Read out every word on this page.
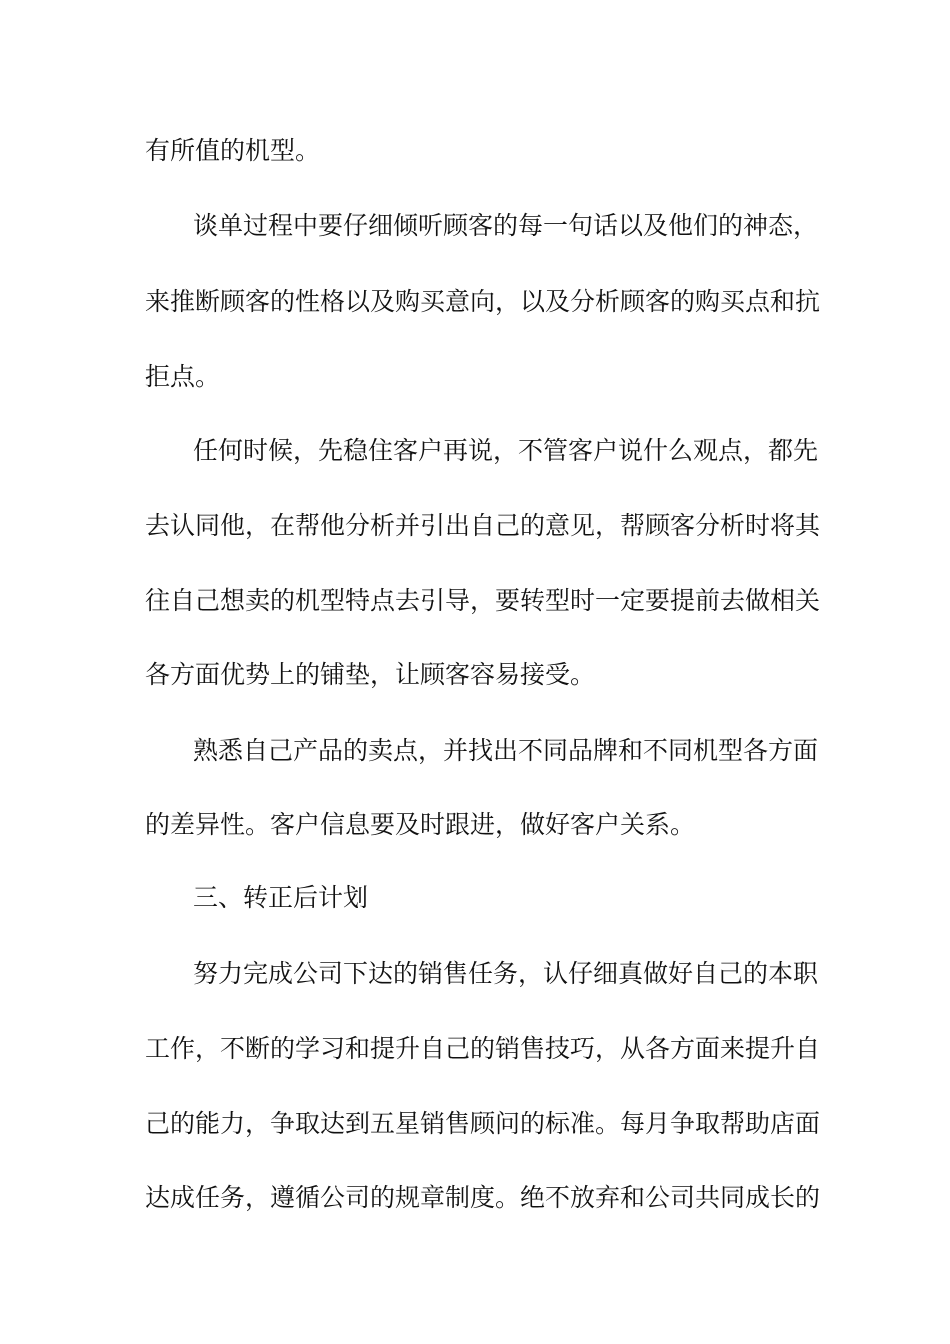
有所值的机型。
谈单过程中要仔细倾听顾客的每一句话以及他们的神态，
来推断顾客的性格以及购买意向，以及分析顾客的购买点和抗
拒点。
任何时候，先稳住客户再说，不管客户说什么观点，都先
去认同他，在帮他分析并引出自己的意见，帮顾客分析时将其
往自己想卖的机型特点去引导，要转型时一定要提前去做相关
各方面优势上的铺垫，让顾客容易接受。
熟悉自己产品的卖点，并找出不同品牌和不同机型各方面
的差异性。客户信息要及时跟进，做好客户关系。
三、转正后计划
努力完成公司下达的销售任务，认仔细真做好自己的本职
工作，不断的学习和提升自己的销售技巧，从各方面来提升自
己的能力，争取达到五星销售顾问的标准。每月争取帮助店面
达成任务，遵循公司的规章制度。绝不放弃和公司共同成长的
